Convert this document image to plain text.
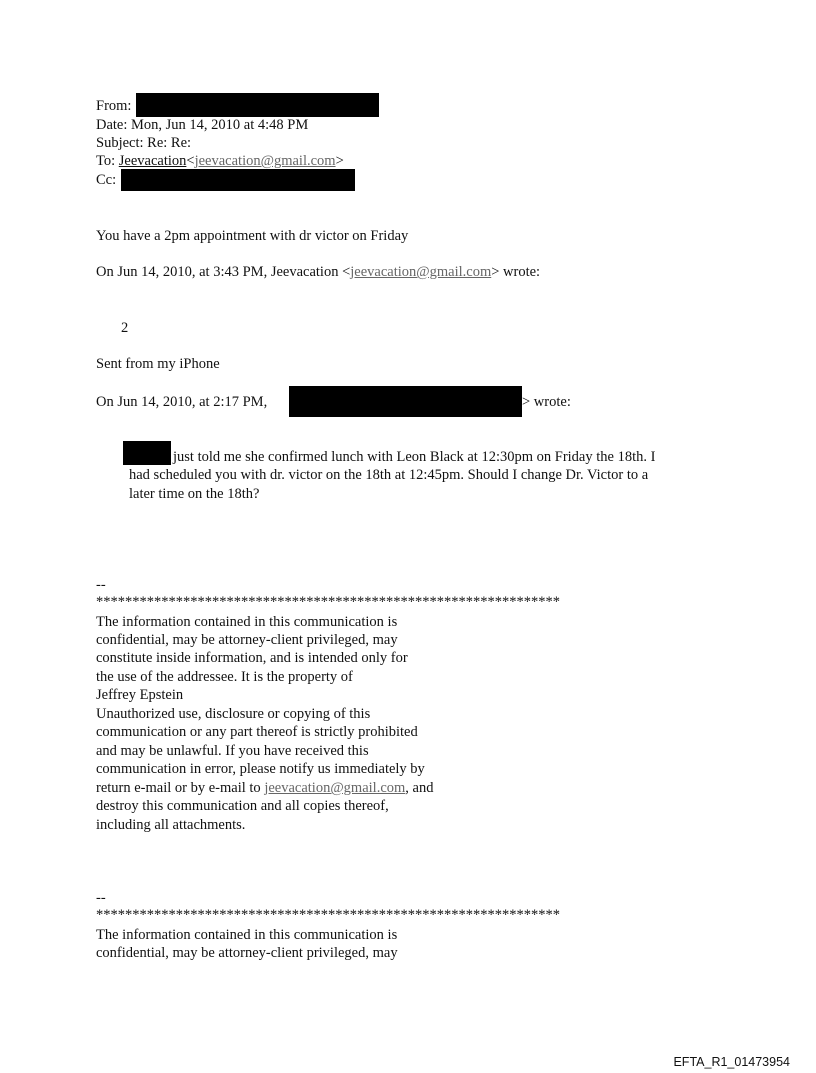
From:
Date: Mon, Jun 14, 2010 at 4:48 PM
Subject: Re: Re:
To: Jeevacation<jeevacation@gmail.com>
Cc:
You have a 2pm appointment with dr victor on Friday
On Jun 14, 2010, at 3:43 PM, Jeevacation <jeevacation@gmail.com> wrote:
2
Sent from my iPhone
On Jun 14, 2010, at 2:17 PM,	> wrote:
just told me she confirmed lunch with Leon Black at 12:30pm on Friday the 18th. I
had scheduled you with dr. victor on the 18th at 12:45pm. Should I change Dr. Victor to a
later time on the 18th?
--
****************************************************************
The information contained in this communication is
confidential, may be attorney-client privileged, may
constitute inside information, and is intended only for
the use of the addressee. It is the property of
Jeffrey Epstein
Unauthorized use, disclosure or copying of this
communication or any part thereof is strictly prohibited
and may be unlawful. If you have received this
communication in error, please notify us immediately by
return e-mail or by e-mail to jeevacation@gmail.com, and
destroy this communication and all copies thereof,
including all attachments.
--
****************************************************************
The information contained in this communication is
confidential, may be attorney-client privileged, may
EFTA_R1_01473954
